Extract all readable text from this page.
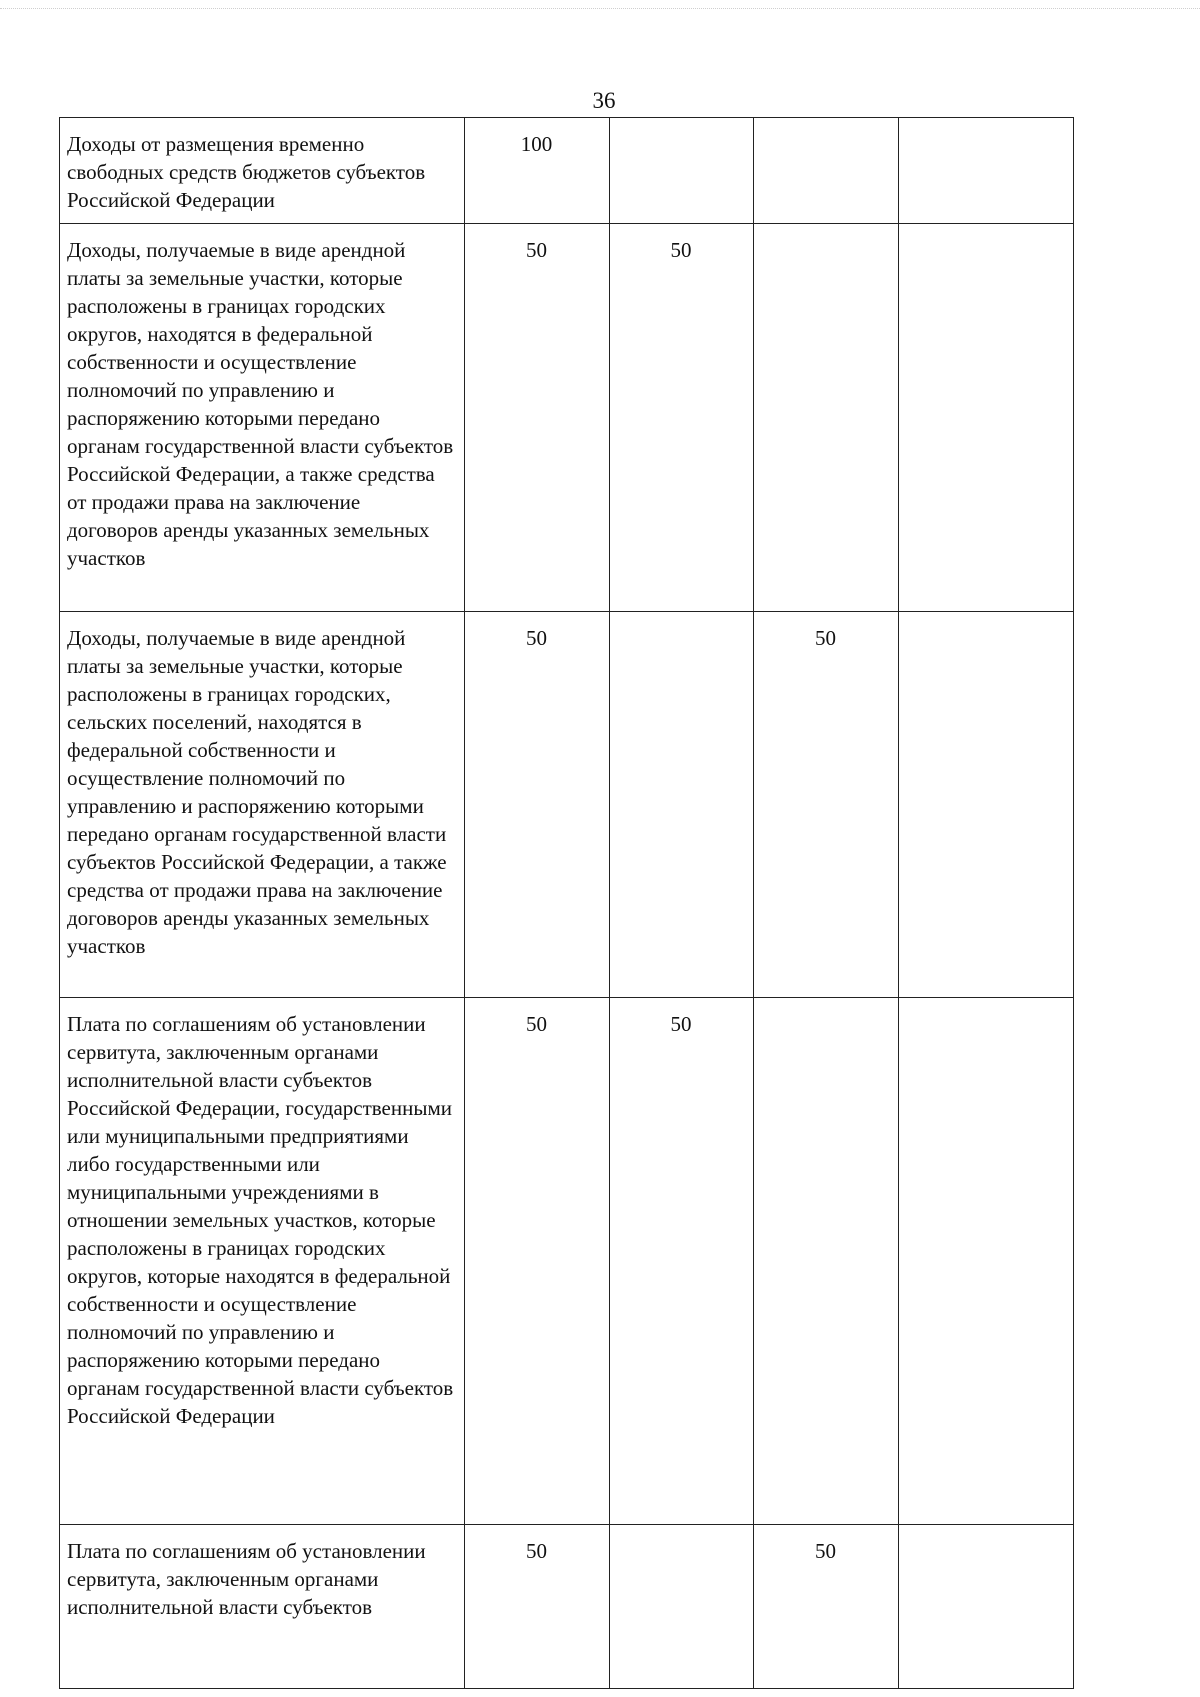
36
Доходы от размещения временно свободных средств бюджетов субъектов Российской Федерации	100			
Доходы, получаемые в виде арендной платы за земельные участки, которые расположены в границах городских округов, находятся в федеральной собственности и осуществление полномочий по управлению и распоряжению которыми передано органам государственной власти субъектов Российской Федерации, а также средства от продажи права на заключение договоров аренды указанных земельных участков	50	50		
Доходы, получаемые в виде арендной платы за земельные участки, которые расположены в границах городских, сельских поселений, находятся в федеральной собственности и осуществление полномочий по управлению и распоряжению которыми передано органам государственной власти субъектов Российской Федерации, а также средства от продажи права на заключение договоров аренды указанных земельных участков	50		50	
Плата по соглашениям об установлении сервитута, заключенным органами исполнительной власти субъектов Российской Федерации, государственными или муниципальными предприятиями либо государственными или муниципальными учреждениями в отношении земельных участков, которые расположены в границах городских округов, которые находятся в федеральной собственности и осуществление полномочий по управлению и распоряжению которыми передано органам государственной власти субъектов Российской Федерации	50	50		
Плата по соглашениям об установлении сервитута, заключенным органами исполнительной власти субъектов	50		50	
